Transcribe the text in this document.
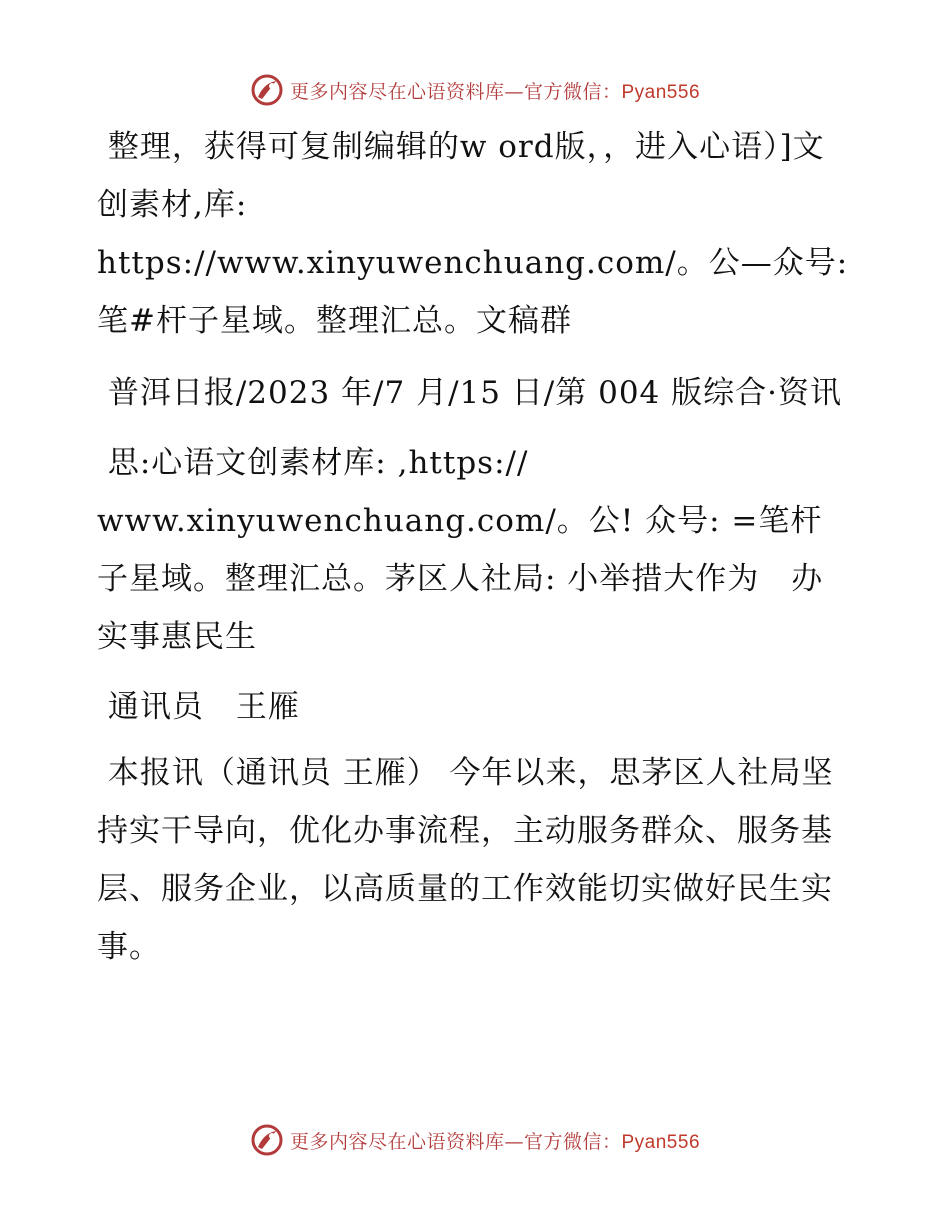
更多内容尽在心语资料库—官方微信：Pyan556

整理，获得可复制编辑的w ord版，，进入心语）]文创素材,库: https://www.xinyuwenchuang.com/。公—众号: 笔#杆子星域。整理汇总。文稿群

普洱日报/2023 年/7 月/15 日/第 004 版综合·资讯

思:心语文创素材库: ,https:// www.xinyuwenchuang.com/。公! 众号: =笔杆子星域。整理汇总。茅区人社局: 小举措大作为　办实事惠民生

通讯员　王雁

本报讯（通讯员 王雁） 今年以来，思茅区人社局坚持实干导向，优化办事流程，主动服务群众、服务基层、服务企业，以高质量的工作效能切实做好民生实事。

更多内容尽在心语资料库—官方微信：Pyan556
